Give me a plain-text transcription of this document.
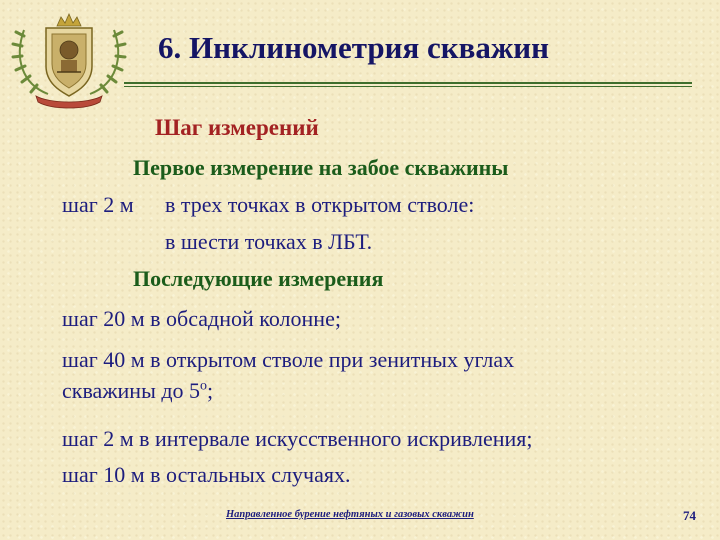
6. Инклинометрия скважин
Шаг измерений
Первое измерение на забое скважины
шаг 2 м в трех точках в открытом стволе:
в шести точках в ЛБТ.
Последующие измерения
шаг 20 м в обсадной колонне;
шаг 40 м в открытом стволе при зенитных углах
скважины до $5^о$;
шаг 2 м в интервале искусственного искривления;
шаг 10 м в остальных случаях.
Направленное бурение нефтяных и газовых скважин	74
